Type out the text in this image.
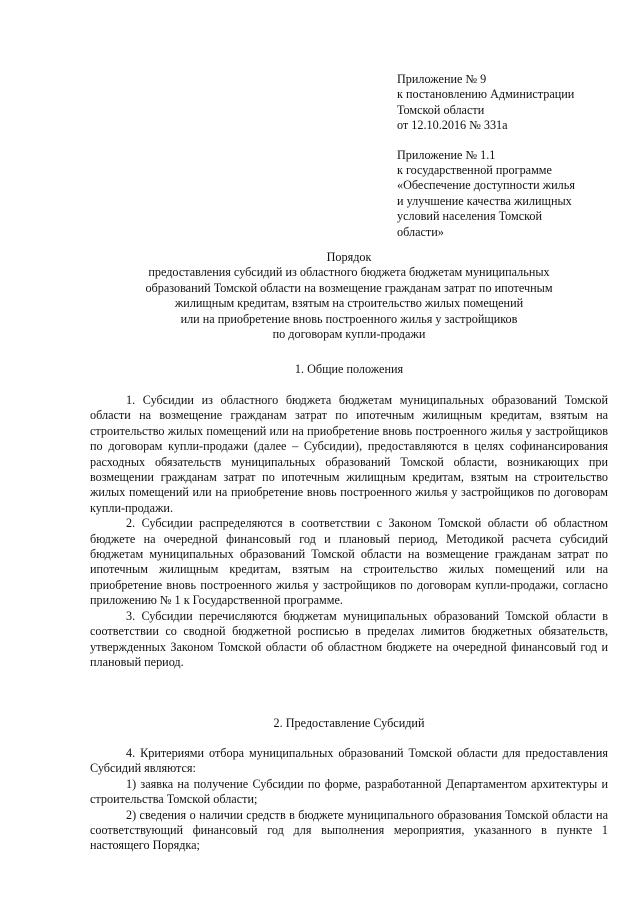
Приложение № 9

к постановлению Администрации

Томской области

от 12.10.2016 № 331а

Приложение № 1.1

к государственной программе

«Обеспечение доступности жилья

и улучшение качества жилищных

условий населения Томской

области»

Порядок

предоставления субсидий из областного бюджета бюджетам муниципальных

образований Томской области на возмещение гражданам затрат по ипотечным

жилищным кредитам, взятым на строительство жилых помещений

или на приобретение вновь построенного жилья у застройщиков

по договорам купли-продажи

1. Общие положения

1. Субсидии из областного бюджета бюджетам муниципальных образований Томской области на возмещение гражданам затрат по ипотечным жилищным кредитам, взятым на строительство жилых помещений или на приобретение вновь построенного жилья у застройщиков по договорам купли-продажи (далее – Субсидии), предоставляются в целях софинансирования расходных обязательств муниципальных образований Томской области, возникающих при возмещении гражданам затрат по ипотечным жилищным кредитам, взятым на строительство жилых помещений или на приобретение вновь построенного жилья у застройщиков по договорам купли-продажи.

2. Субсидии распределяются в соответствии с Законом Томской области об областном бюджете на очередной финансовый год и плановый период, Методикой расчета субсидий бюджетам муниципальных образований Томской области на возмещение гражданам затрат по ипотечным жилищным кредитам, взятым на строительство жилых помещений или на приобретение вновь построенного жилья у застройщиков по договорам купли-продажи, согласно приложению № 1 к Государственной программе.

3. Субсидии перечисляются бюджетам муниципальных образований Томской области в соответствии со сводной бюджетной росписью в пределах лимитов бюджетных обязательств, утвержденных Законом Томской области об областном бюджете на очередной финансовый год и плановый период.

2. Предоставление Субсидий

4. Критериями отбора муниципальных образований Томской области для предоставления Субсидий являются:

1) заявка на получение Субсидии по форме, разработанной Департаментом архитектуры и строительства Томской области;

2) сведения о наличии средств в бюджете муниципального образования Томской области на соответствующий финансовый год для выполнения мероприятия, указанного в пункте 1 настоящего Порядка;
